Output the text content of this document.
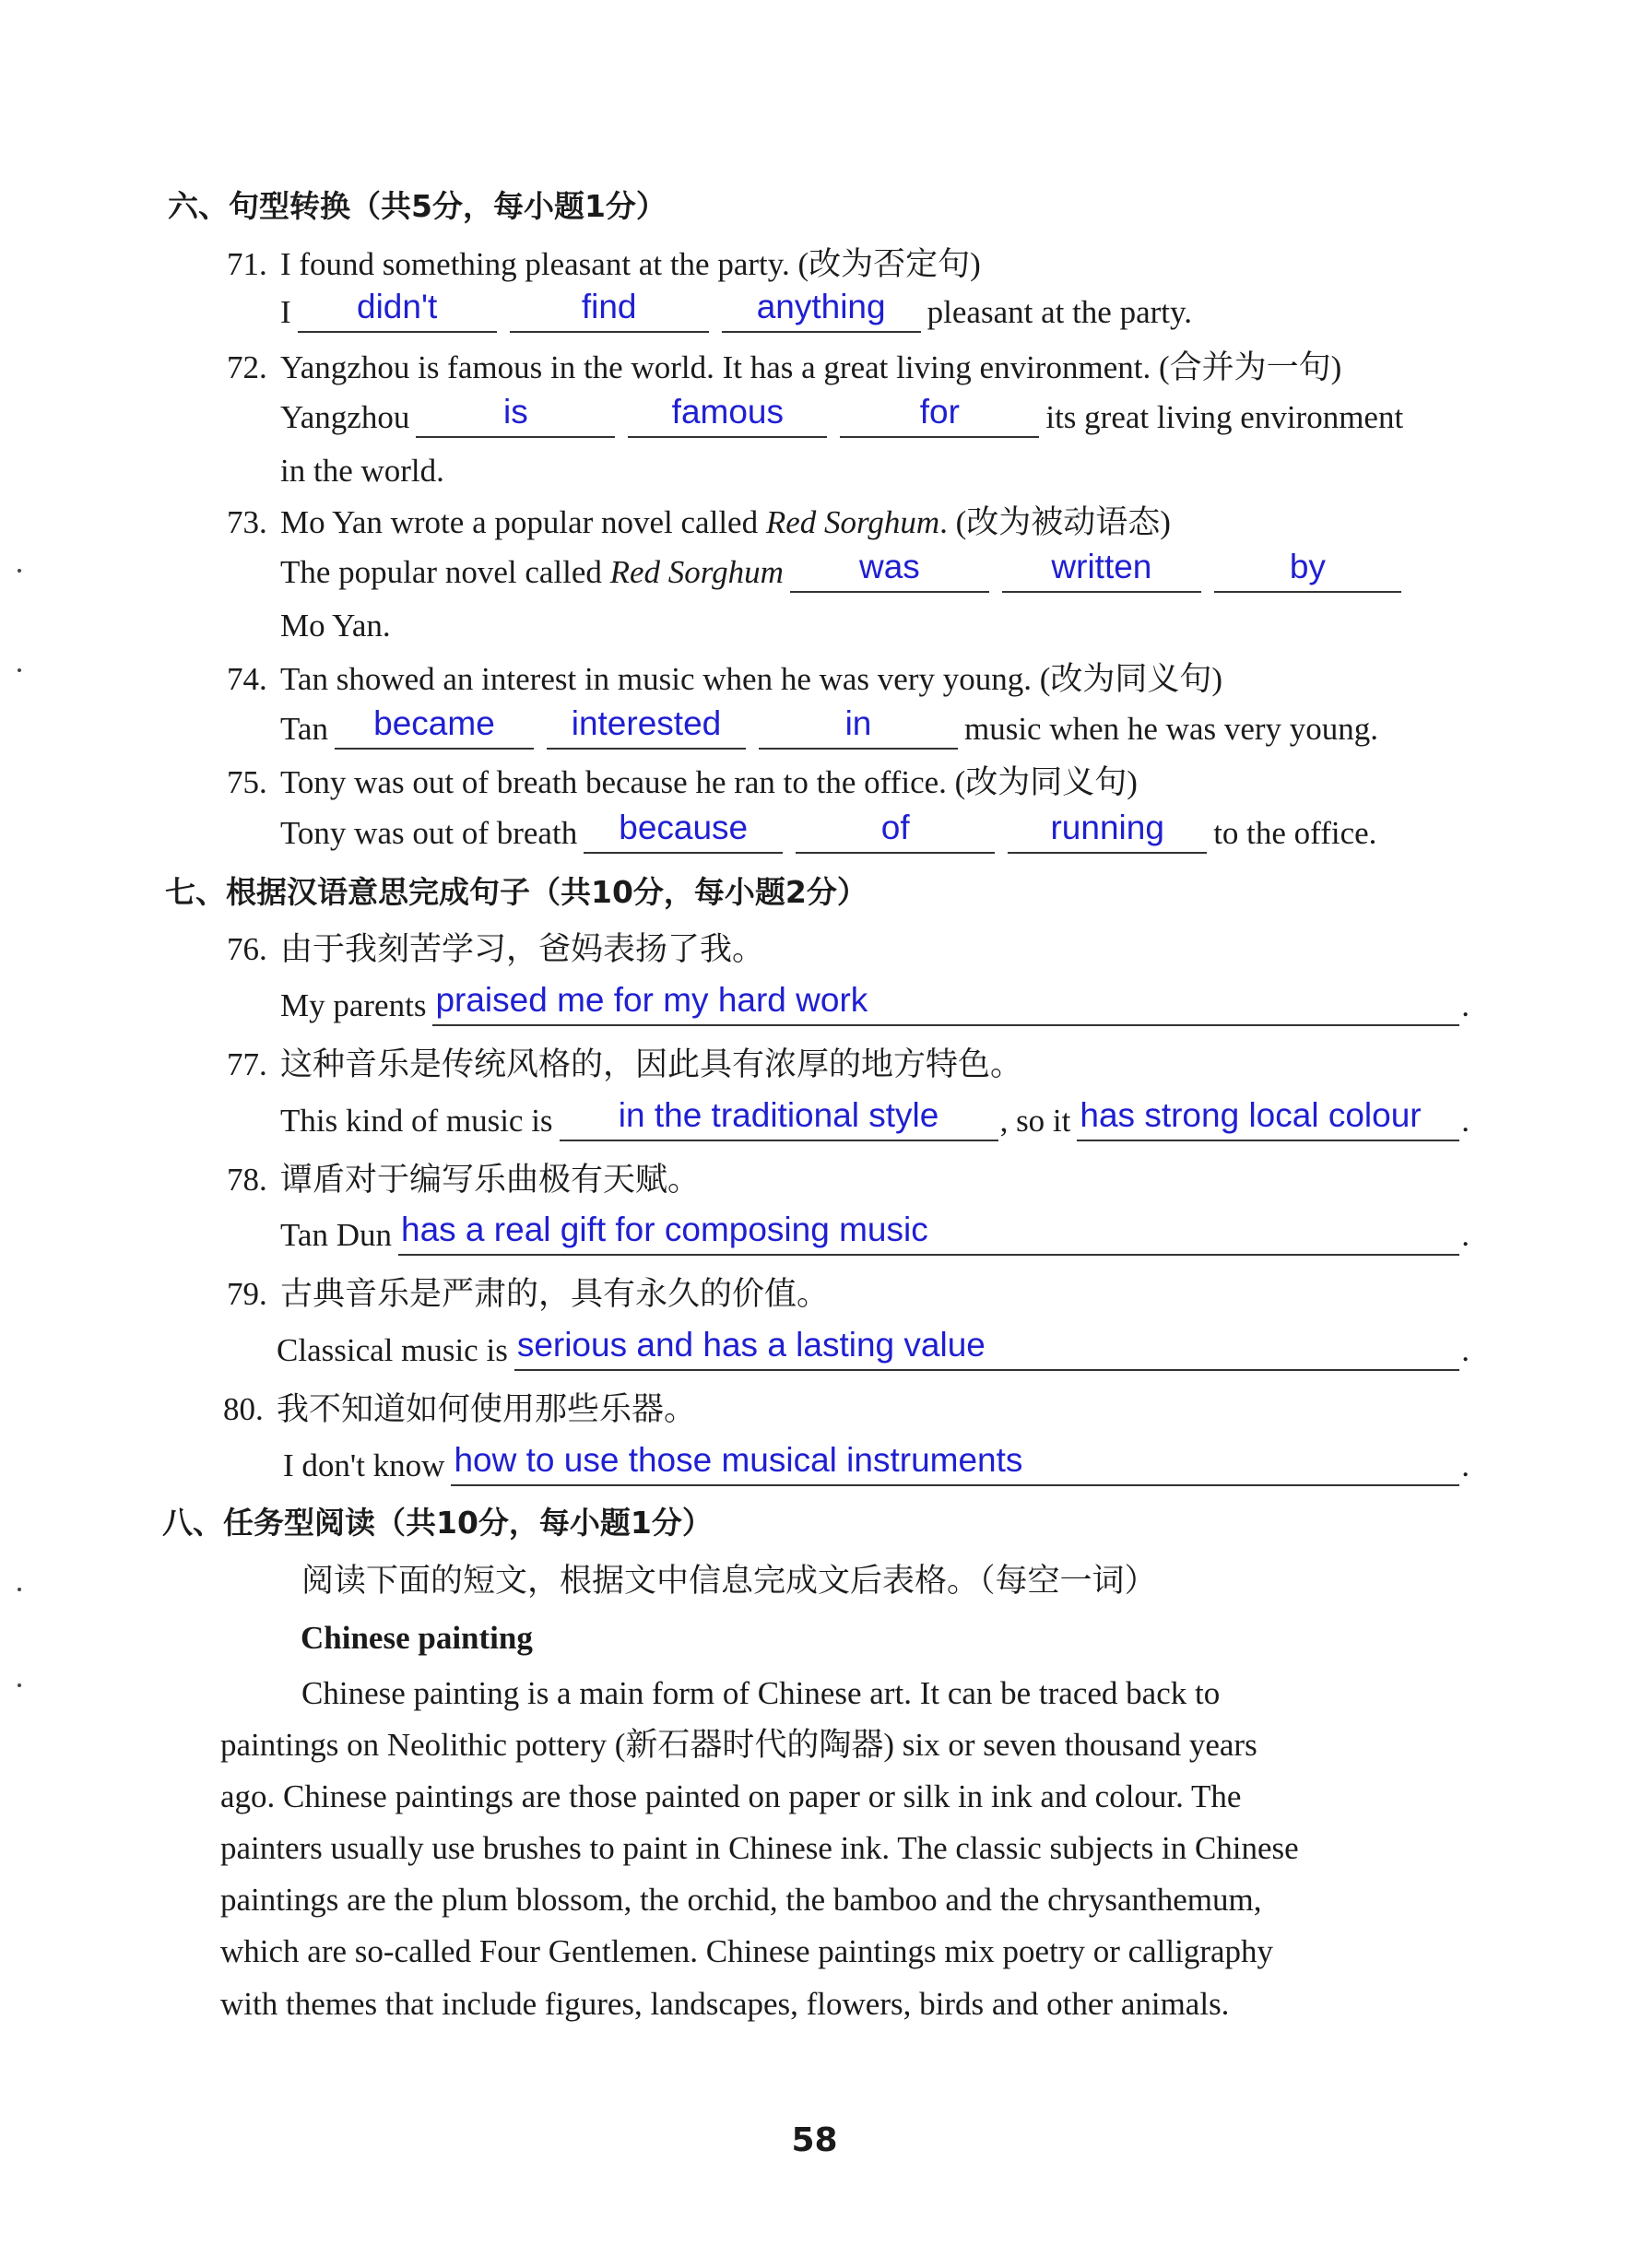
六、句型转换（共5分，每小题1分）
71. I found something pleasant at the party. (改为否定句)
I	didn't	find	anything	pleasant at the party.
72. Yangzhou is famous in the world. It has a great living environment. (合并为一句)
Yangzhou	is	famous	for	its great living environment
in the world.
73. Mo Yan wrote a popular novel called Red Sorghum. (改为被动语态)
The popular novel called Red Sorghum	was	written	by
Mo Yan.
74. Tan showed an interest in music when he was very young. (改为同义句)
Tan	became	interested	in	music when he was very young.
75. Tony was out of breath because he ran to the office. (改为同义句)
Tony was out of breath	because	of	running	to the office.
七、根据汉语意思完成句子（共10分，每小题2分）
76. 由于我刻苦学习，爸妈表扬了我。
My parents praised me for my hard work	.
77. 这种音乐是传统风格的，因此具有浓厚的地方特色。
This kind of music is	in the traditional style	, so it has strong local colour	.
78. 谭盾对于编写乐曲极有天赋。
Tan Dun has a real gift for composing music	.
79. 古典音乐是严肃的，具有永久的价值。
Classical music is serious and has a lasting value	.
80. 我不知道如何使用那些乐器。
I don't know how to use those musical instruments	.
八、任务型阅读（共10分，每小题1分）
阅读下面的短文，根据文中信息完成文后表格。（每空一词）
Chinese painting
Chinese painting is a main form of Chinese art. It can be traced back to
paintings on Neolithic pottery (新石器时代的陶器) six or seven thousand years
ago. Chinese paintings are those painted on paper or silk in ink and colour. The
painters usually use brushes to paint in Chinese ink. The classic subjects in Chinese
paintings are the plum blossom, the orchid, the bamboo and the chrysanthemum,
which are so-called Four Gentlemen. Chinese paintings mix poetry or calligraphy
with themes that include figures, landscapes, flowers, birds and other animals.
58
